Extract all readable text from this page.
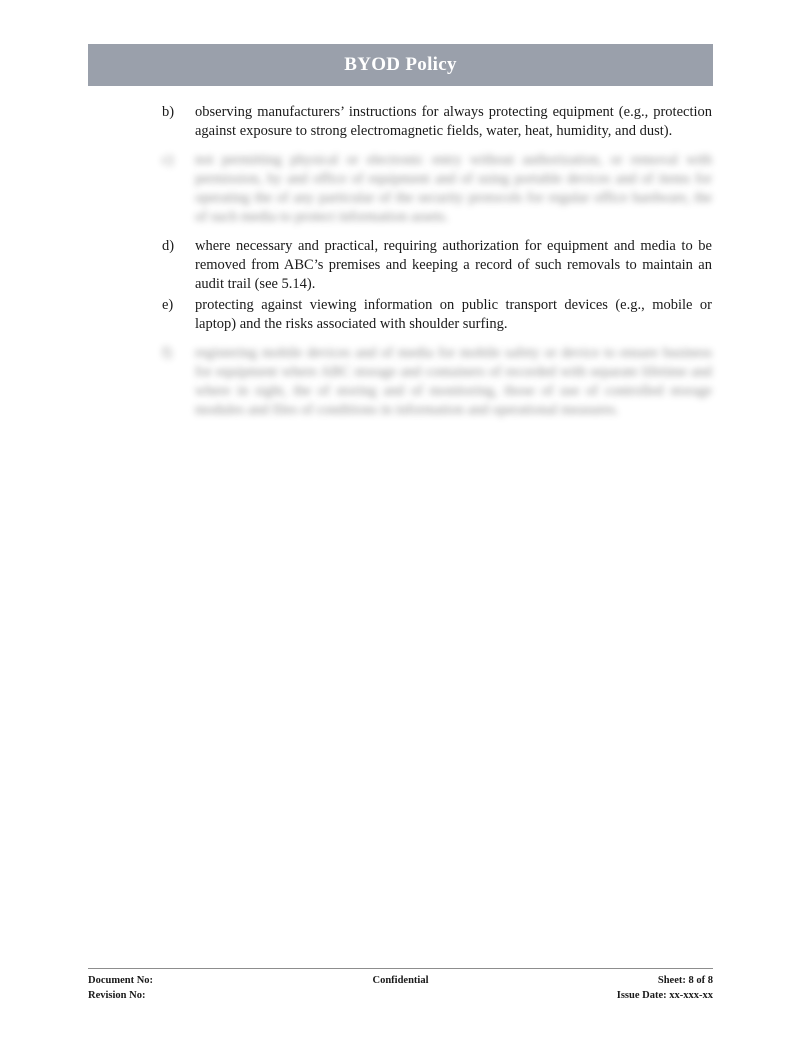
BYOD Policy
b)	observing manufacturers’ instructions for always protecting equipment (e.g., protection against exposure to strong electromagnetic fields, water, heat, humidity, and dust).
c)	not permitting physical or electronic entry without authorization, or removal with permission, by and office of equipment and of using portable devices and of items for operating the of any particular of the security protocols for regular office hardware, the of such media to protect information assets.
d)	where necessary and practical, requiring authorization for equipment and media to be removed from ABC’s premises and keeping a record of such removals to maintain an audit trail (see 5.14).
e)	protecting against viewing information on public transport devices (e.g., mobile or laptop) and the risks associated with shoulder surfing.
f)	registering mobile devices and of media for mobile safety or device to ensure business for equipment where ABC storage and containers of recorded with separate lifetime and where in sight, the of storing and of monitoring, those of use of controlled storage modules and files of conditions in information and operational measures.
Document No:	Confidential	Sheet: 8 of 8
Revision No:	Issue Date: xx-xxx-xx
